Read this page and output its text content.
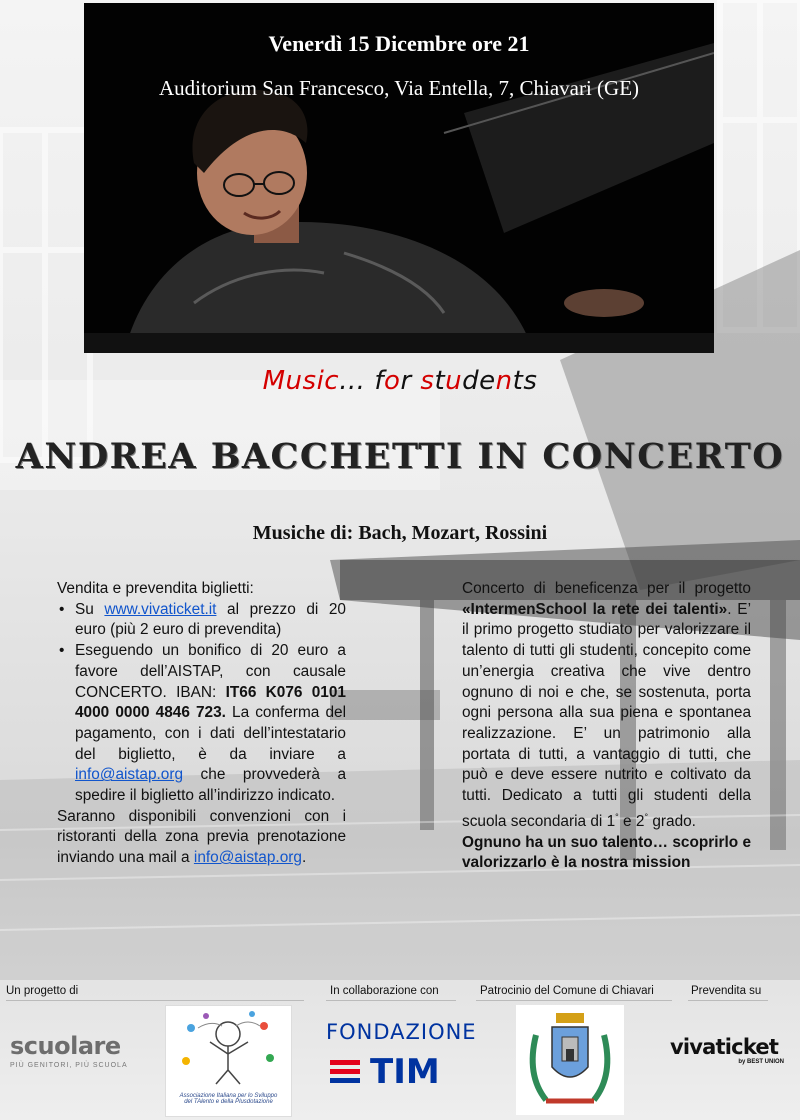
Venerdì 15 Dicembre ore 21
Auditorium San Francesco, Via Entella, 7, Chiavari (GE)
Music… for students
ANDREA BACCHETTI IN CONCERTO
Musiche di: Bach, Mozart, Rossini

Vendita e prevendita biglietti:

• Su www.vivaticket.it al prezzo di 20 euro (più 2 euro di prevendita)
• Eseguendo un bonifico di 20 euro a favore dell’AISTAP, con causale CONCERTO. IBAN: IT66 K076 0101 4000 0000 4846 723. La conferma del pagamento, con i dati dell’intestatario del biglietto, è da inviare a info@aistap.org che provvederà a spedire il biglietto all’indirizzo indicato.

Saranno disponibili convenzioni con i ristoranti della zona previa prenotazione inviando una mail a info@aistap.org.

Concerto di beneficenza per il progetto «IntermenSchool la rete dei talenti». E’ il primo progetto studiato per valorizzare il talento di tutti gli studenti, concepito come un’energia creativa che vive dentro ognuno di noi e che, se sostenuta, porta ogni persona alla sua piena e spontanea realizzazione. E’ un patrimonio alla portata di tutti, a vantaggio di tutti, che può e deve essere nutrito e coltivato da tutti. Dedicato a tutti gli studenti della scuola secondaria di 1° e 2° grado.

Ognuno ha un suo talento… scoprirlo e valorizzarlo è la nostra mission

Un progetto di	In collaborazione con	Patrocinio del Comune di Chiavari	Prevendita su
scuolare
PIÙ GENITORI, PIÙ SCUOLA
Associazione Italiana per lo Sviluppo
del TAlento e della Plusdotazione
FONDAZIONE
TIM
vivaticket
by BEST UNION
